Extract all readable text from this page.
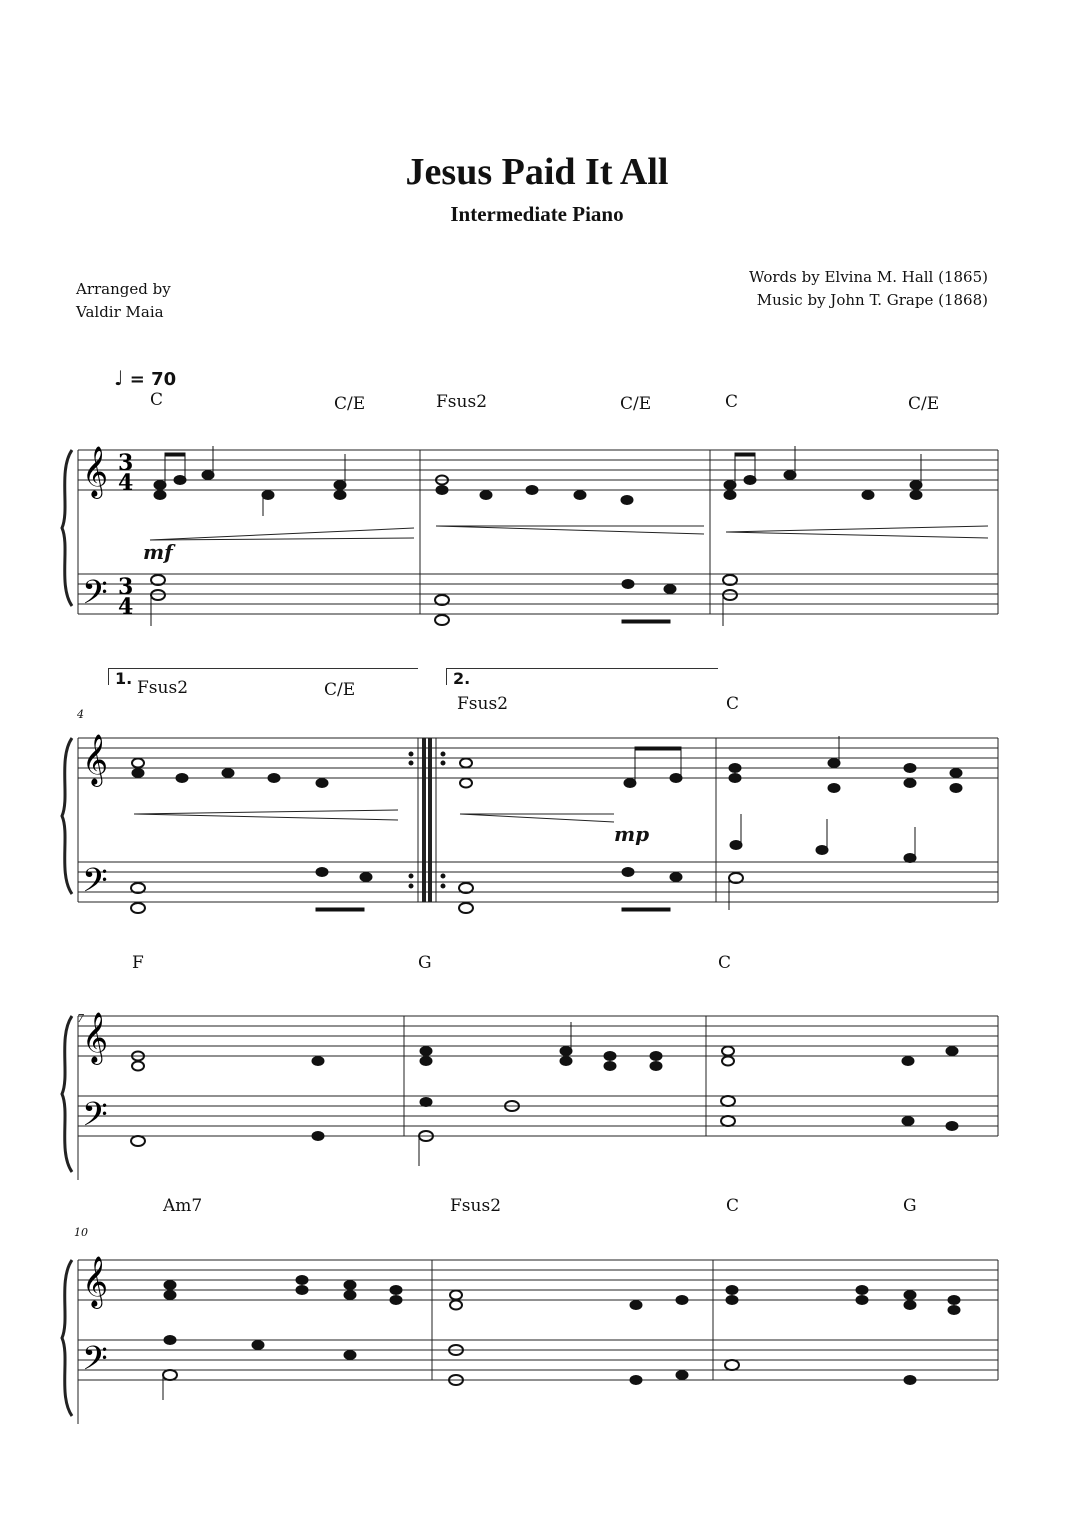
Jesus Paid It All
Intermediate Piano
Arranged by
Valdir Maia
Words by Elvina M. Hall (1865)
Music by John T. Grape (1868)
♩ = 70
C	C/E	Fsus2	C/E	C	C/E
mf
1.	2.
Fsus2	C/E
Fsus2	C
4
mp
F	G	C
7
Am7	Fsus2	C	G
10
𝄞
𝄢
3
4
3
4
𝄞
𝄢
𝄞
𝄢
𝄞
𝄢
